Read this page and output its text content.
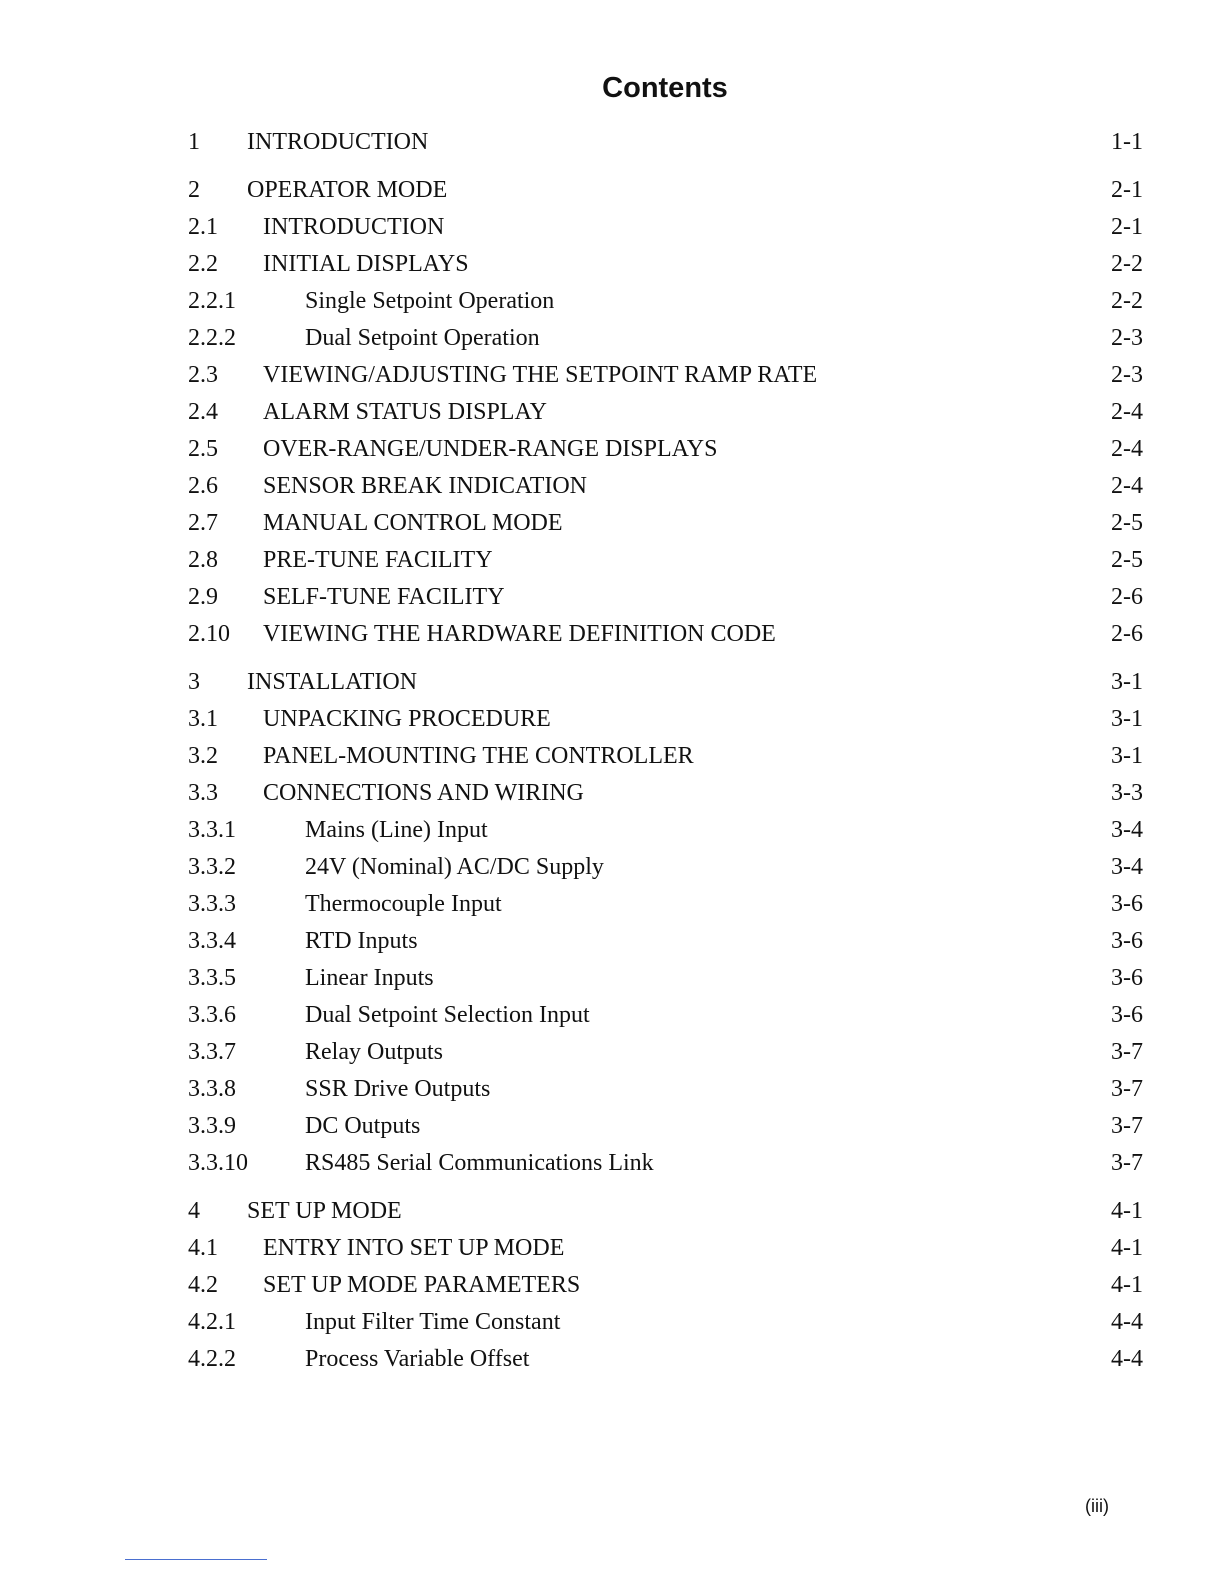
Contents
1 INTRODUCTION	1-1
2 OPERATOR MODE	2-1
2.1 INTRODUCTION	2-1
2.2 INITIAL DISPLAYS	2-2
2.2.1	Single Setpoint Operation	2-2
2.2.2	Dual Setpoint Operation	2-3
2.3 VIEWING/ADJUSTING THE SETPOINT RAMP RATE	2-3
2.4 ALARM STATUS DISPLAY	2-4
2.5 OVER-RANGE/UNDER-RANGE DISPLAYS	2-4
2.6 SENSOR BREAK INDICATION	2-4
2.7 MANUAL CONTROL MODE	2-5
2.8 PRE-TUNE FACILITY	2-5
2.9 SELF-TUNE FACILITY	2-6
2.10 VIEWING THE HARDWARE DEFINITION CODE	2-6
3 INSTALLATION	3-1
3.1 UNPACKING PROCEDURE	3-1
3.2 PANEL-MOUNTING THE CONTROLLER	3-1
3.3 CONNECTIONS AND WIRING	3-3
3.3.1	Mains (Line) Input	3-4
3.3.2	24V (Nominal) AC/DC Supply	3-4
3.3.3	Thermocouple Input	3-6
3.3.4	RTD Inputs	3-6
3.3.5	Linear Inputs	3-6
3.3.6	Dual Setpoint Selection Input	3-6
3.3.7	Relay Outputs	3-7
3.3.8	SSR Drive Outputs	3-7
3.3.9	DC Outputs	3-7
3.3.10 RS485 Serial Communications Link	3-7
4 SET UP MODE	4-1
4.1 ENTRY INTO SET UP MODE	4-1
4.2 SET UP MODE PARAMETERS	4-1
4.2.1	Input Filter Time Constant	4-4
4.2.2	Process Variable Offset	4-4
(iii)
